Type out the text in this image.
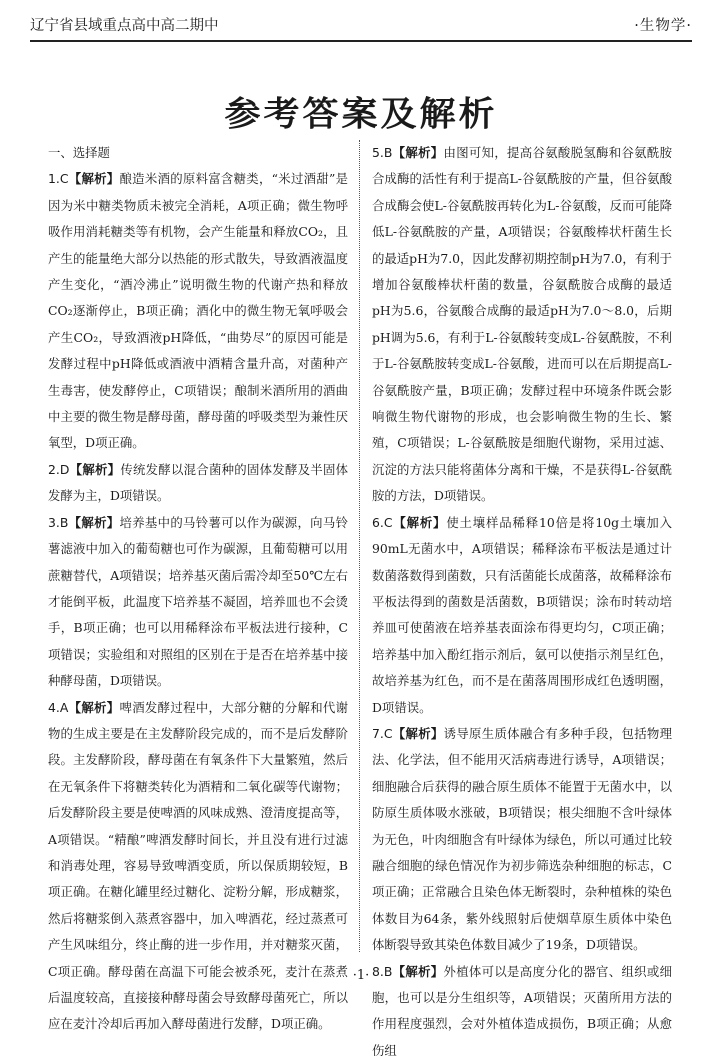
辽宁省县域重点高中高二期中	·生物学·
参考答案及解析

一、选择题

1.C【解析】酿造米酒的原料富含糖类，“米过酒甜”是因为米中糖类物质未被完全消耗，A项正确；微生物呼吸作用消耗糖类等有机物，会产生能量和释放CO₂，且产生的能量绝大部分以热能的形式散失，导致酒液温度产生变化，“酒冷沸止”说明微生物的代谢产热和释放CO₂逐渐停止，B项正确；酒化中的微生物无氧呼吸会产生CO₂，导致酒液pH降低，“曲势尽”的原因可能是发酵过程中pH降低或酒液中酒精含量升高，对菌种产生毒害，使发酵停止，C项错误；酿制米酒所用的酒曲中主要的微生物是酵母菌，酵母菌的呼吸类型为兼性厌氧型，D项正确。

2.D【解析】传统发酵以混合菌种的固体发酵及半固体发酵为主，D项错误。

3.B【解析】培养基中的马铃薯可以作为碳源，向马铃薯滤液中加入的葡萄糖也可作为碳源，且葡萄糖可以用蔗糖替代，A项错误；培养基灭菌后需冷却至50℃左右才能倒平板，此温度下培养基不凝固，培养皿也不会烫手，B项正确；也可以用稀释涂布平板法进行接种，C项错误；实验组和对照组的区别在于是否在培养基中接种酵母菌，D项错误。

4.A【解析】啤酒发酵过程中，大部分糖的分解和代谢物的生成主要是在主发酵阶段完成的，而不是后发酵阶段。主发酵阶段，酵母菌在有氧条件下大量繁殖，然后在无氧条件下将糖类转化为酒精和二氧化碳等代谢物；后发酵阶段主要是使啤酒的风味成熟、澄清度提高等，A项错误。“精酿”啤酒发酵时间长，并且没有进行过滤和消毒处理，容易导致啤酒变质，所以保质期较短，B项正确。在糖化罐里经过糖化、淀粉分解，形成糖浆，然后将糖浆倒入蒸煮容器中，加入啤酒花，经过蒸煮可产生风味组分，终止酶的进一步作用，并对糖浆灭菌，C项正确。酵母菌在高温下可能会被杀死，麦汁在蒸煮后温度较高，直接接种酵母菌会导致酵母菌死亡，所以应在麦汁冷却后再加入酵母菌进行发酵，D项正确。

5.B【解析】由图可知，提高谷氨酸脱氢酶和谷氨酰胺合成酶的活性有利于提高L-谷氨酰胺的产量，但谷氨酸合成酶会使L-谷氨酰胺再转化为L-谷氨酸，反而可能降低L-谷氨酰胺的产量，A项错误；谷氨酸棒状杆菌生长的最适pH为7.0，因此发酵初期控制pH为7.0，有利于增加谷氨酸棒状杆菌的数量，谷氨酰胺合成酶的最适pH为5.6，谷氨酸合成酶的最适pH为7.0～8.0，后期pH调为5.6，有利于L-谷氨酸转变成L-谷氨酰胺，不利于L-谷氨酰胺转变成L-谷氨酸，进而可以在后期提高L-谷氨酰胺产量，B项正确；发酵过程中环境条件既会影响微生物代谢物的形成，也会影响微生物的生长、繁殖，C项错误；L-谷氨酰胺是细胞代谢物，采用过滤、沉淀的方法只能将菌体分离和干燥，不是获得L-谷氨酰胺的方法，D项错误。

6.C【解析】使土壤样品稀释10倍是将10g土壤加入90mL无菌水中，A项错误；稀释涂布平板法是通过计数菌落数得到菌数，只有活菌能长成菌落，故稀释涂布平板法得到的菌数是活菌数，B项错误；涂布时转动培养皿可使菌液在培养基表面涂布得更均匀，C项正确；培养基中加入酚红指示剂后，氨可以使指示剂呈红色，故培养基为红色，而不是在菌落周围形成红色透明圈，D项错误。

7.C【解析】诱导原生质体融合有多种手段，包括物理法、化学法，但不能用灭活病毒进行诱导，A项错误；细胞融合后获得的融合原生质体不能置于无菌水中，以防原生质体吸水涨破，B项错误；根尖细胞不含叶绿体为无色，叶肉细胞含有叶绿体为绿色，所以可通过比较融合细胞的绿色情况作为初步筛选杂种细胞的标志，C项正确；正常融合且染色体无断裂时，杂种植株的染色体数目为64条，紫外线照射后使烟草原生质体中染色体断裂导致其染色体数目减少了19条，D项错误。

8.B【解析】外植体可以是高度分化的器官、组织或细胞，也可以是分生组织等，A项错误；灭菌所用方法的作用程度强烈，会对外植体造成损伤，B项正确；从愈伤组

·1·
